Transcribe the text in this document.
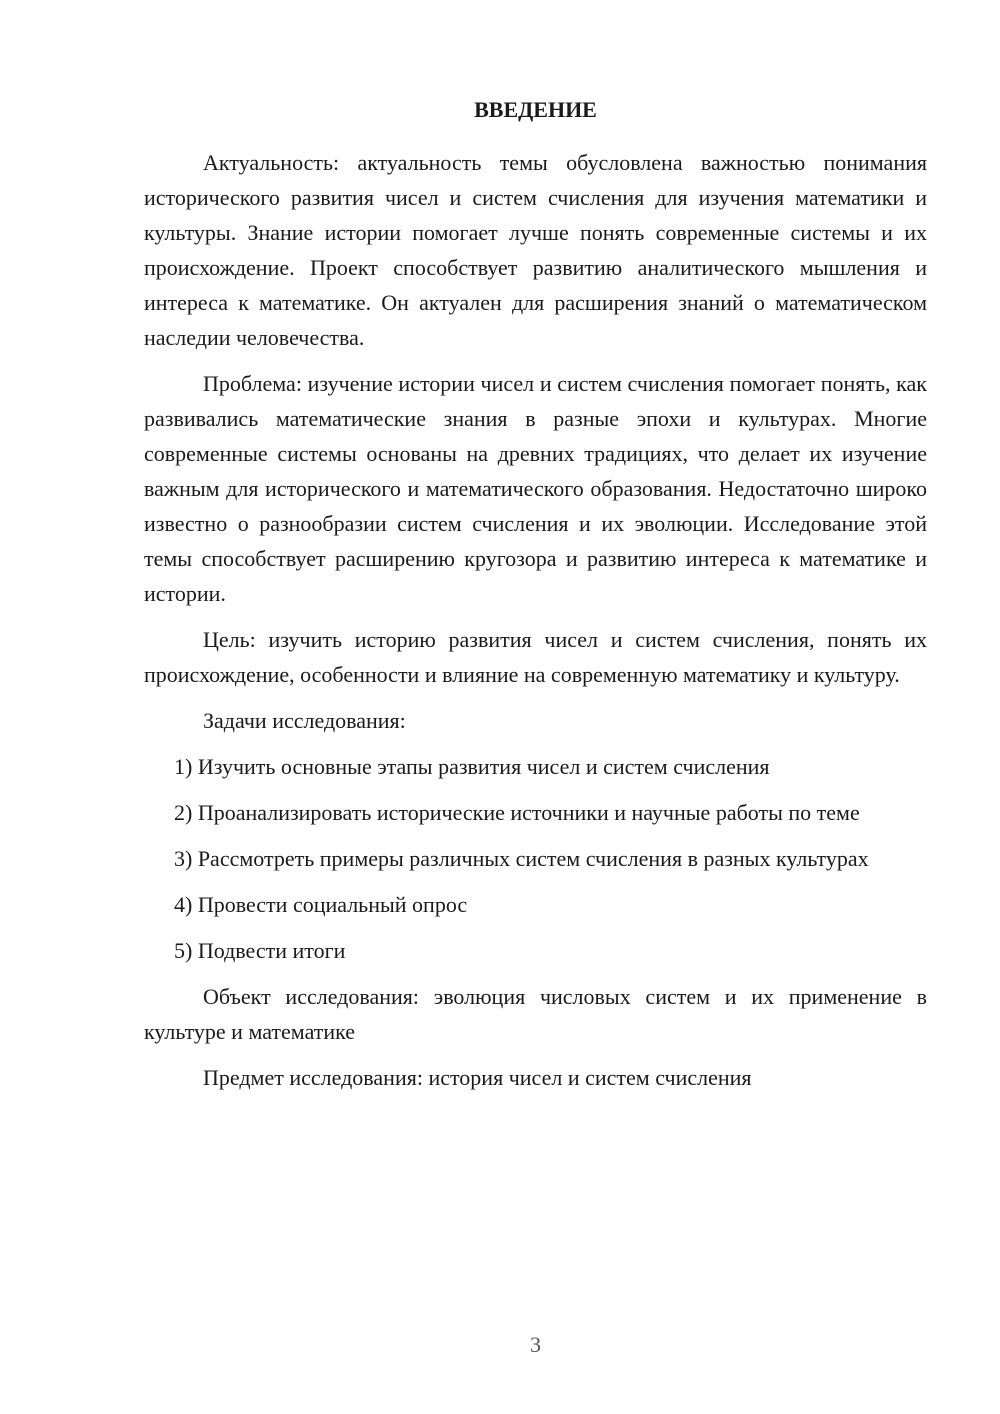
ВВЕДЕНИЕ

Актуальность: актуальность темы обусловлена важностью понимания исторического развития чисел и систем счисления для изучения математики и культуры. Знание истории помогает лучше понять современные системы и их происхождение. Проект способствует развитию аналитического мышления и интереса к математике. Он актуален для расширения знаний о математическом наследии человечества.

Проблема: изучение истории чисел и систем счисления помогает понять, как развивались математические знания в разные эпохи и культурах. Многие современные системы основаны на древних традициях, что делает их изучение важным для исторического и математического образования. Недостаточно широко известно о разнообразии систем счисления и их эволюции. Исследование этой темы способствует расширению кругозора и развитию интереса к математике и истории.

Цель: изучить историю развития чисел и систем счисления, понять их происхождение, особенности и влияние на современную математику и культуру.

Задачи исследования:

1) Изучить основные этапы развития чисел и систем счисления

2) Проанализировать исторические источники и научные работы по теме

3) Рассмотреть примеры различных систем счисления в разных культурах

4) Провести социальный опрос

5) Подвести итоги

Объект исследования: эволюция числовых систем и их применение в культуре и математике

Предмет исследования: история чисел и систем счисления

3
